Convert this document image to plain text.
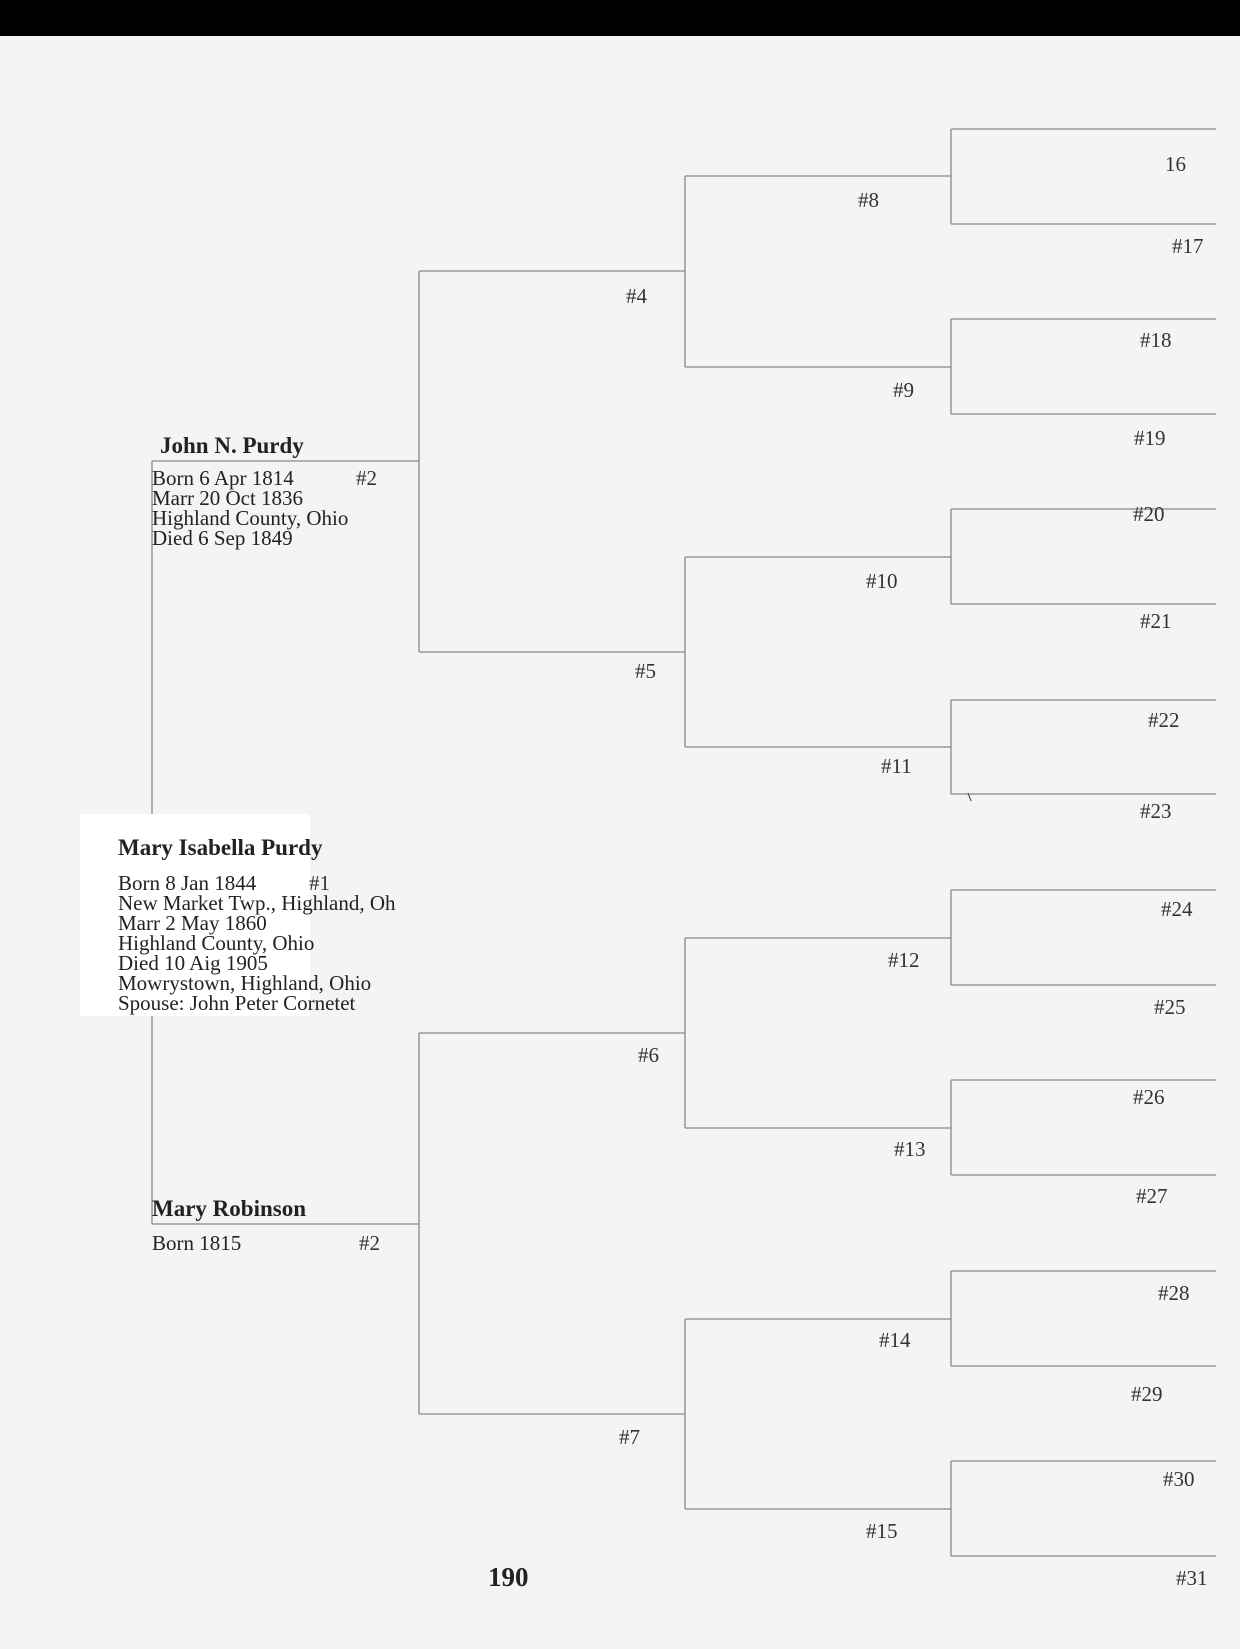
John N. Purdy
Born 6 Apr 1814	#2
Marr 20 Oct 1836
Highland County, Ohio
Died 6 Sep 1849
Mary Isabella Purdy
Born 8 Jan 1844	#1
New Market Twp., Highland, Oh
Marr 2 May 1860
Highland County, Ohio
Died 10 Aig 1905
Mowrystown, Highland, Ohio
Spouse: John Peter Cornetet
Mary Robinson
Born 1815	#2
#4
#5
#6
#7
#8
#9
#10
#11
#12
#13
#14
#15
16
#17
#18
#19
#20
#21
#22
#23
#24
#25
#26
#27
#28
#29
#30
#31
190
